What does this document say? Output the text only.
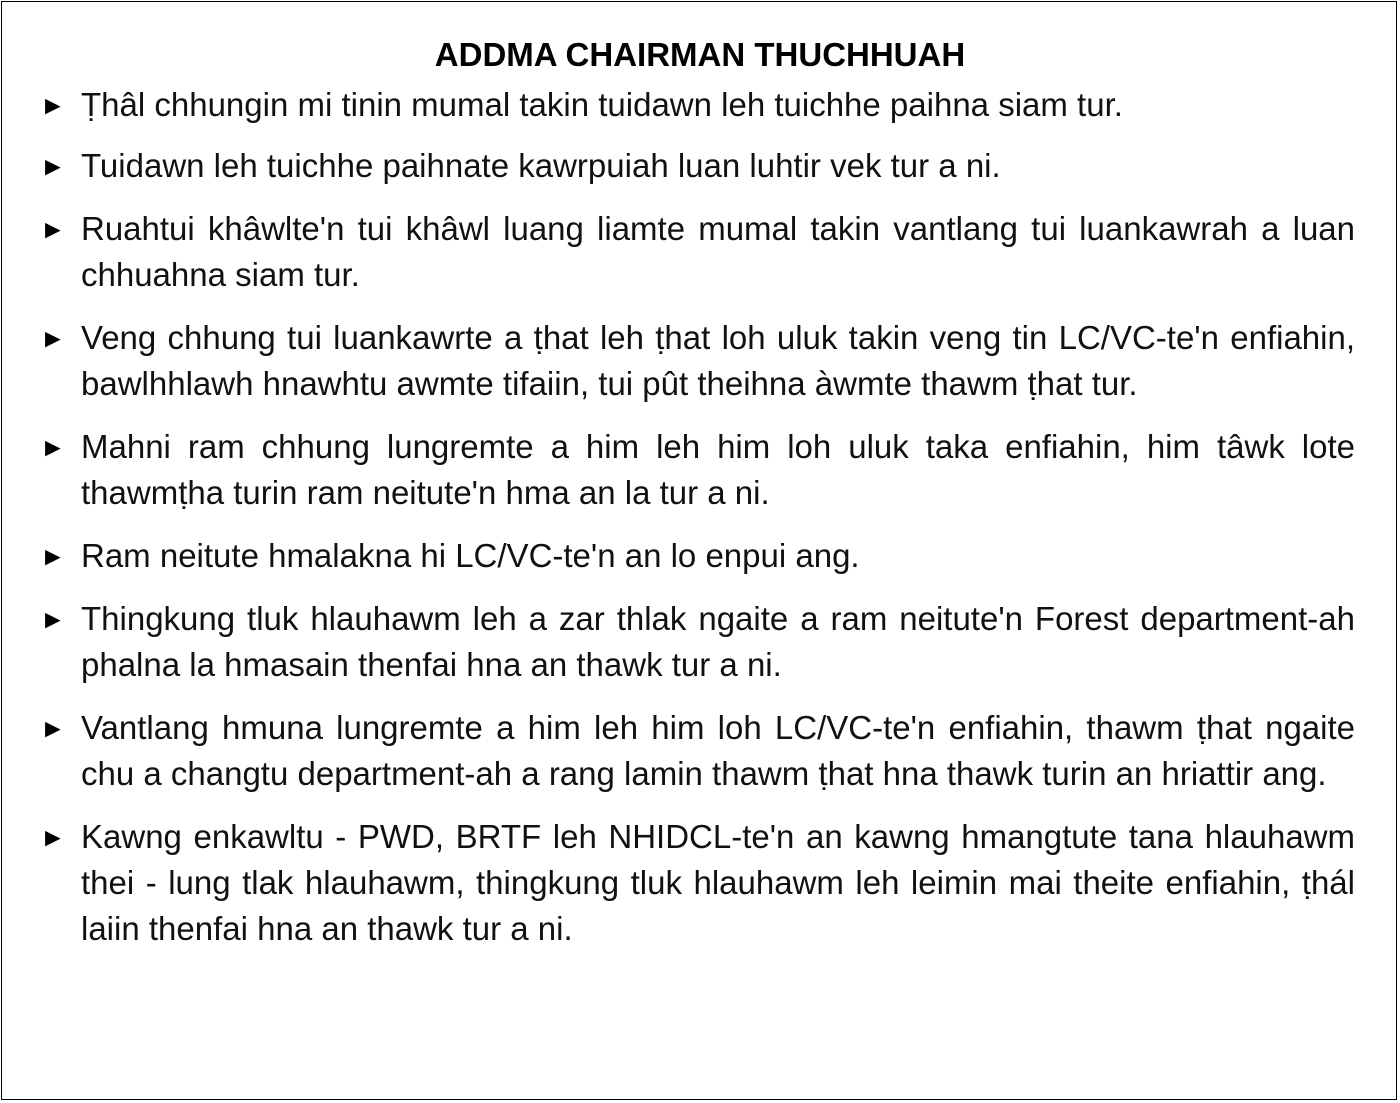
ADDMA CHAIRMAN THUCHHUAH
► Ṭhâl chhungin mi tinin mumal takin tuidawn leh tuichhe paihna siam tur.
► Tuidawn leh tuichhe paihnate kawrpuiah luan luhtir vek tur a ni.
► Ruahtui khâwlte'n tui khâwl luang liamte mumal takin vantlang tui luankawrah a luan chhuahna siam tur.
► Veng chhung tui luankawrte a ṭhat leh ṭhat loh uluk takin veng tin LC/VC-te'n enfiahin, bawlhhlawh hnawhtu awmte tifaiin, tui pût theihna àwmte thawm ṭhat tur.
► Mahni ram chhung lungremte a him leh him loh uluk taka enfiahin, him tâwk lote thawmṭha turin ram neitute'n hma an la tur a ni.
► Ram neitute hmalakna hi LC/VC-te'n an lo enpui ang.
► Thingkung tluk hlauhawm leh a zar thlak ngaite a ram neitute'n Forest department-ah phalna la hmasain thenfai hna an thawk tur a ni.
► Vantlang hmuna lungremte a him leh him loh LC/VC-te'n enfiahin, thawm ṭhat ngaite chu a changtu department-ah a rang lamin thawm ṭhat hna thawk turin an hriattir ang.
► Kawng enkawltu - PWD, BRTF leh NHIDCL-te'n an kawng hmangtute tana hlauhawm thei - lung tlak hlauhawm, thingkung tluk hlauhawm leh leimin mai theite enfiahin, ṭhál laiin thenfai hna an thawk tur a ni.
